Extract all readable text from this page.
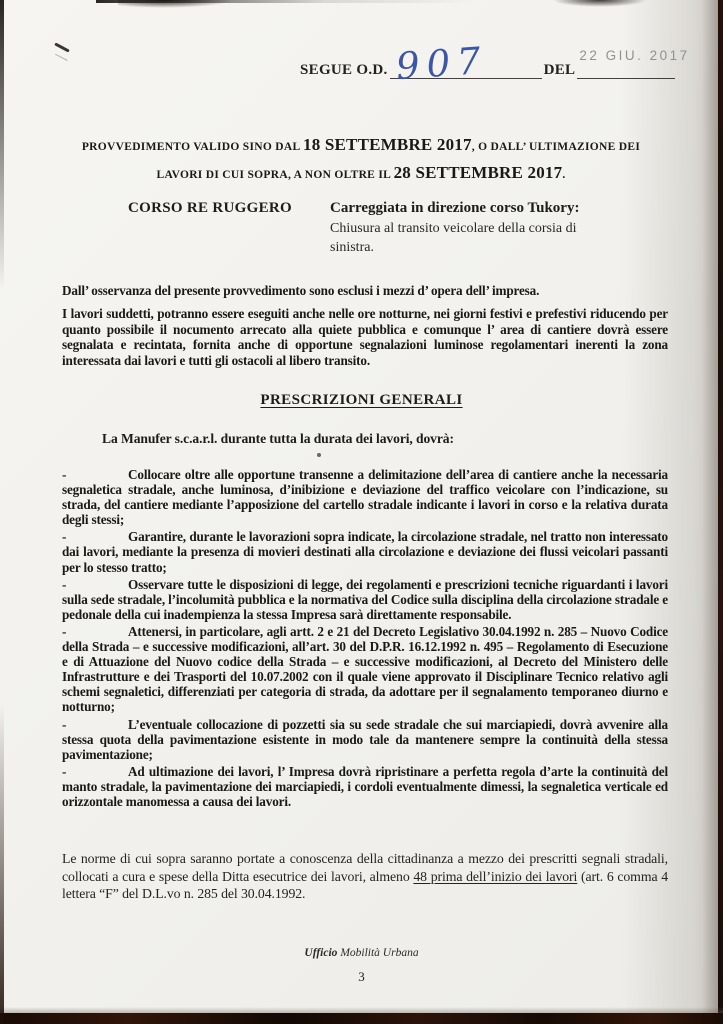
SEGUE O.D. 907	DEL
22 GIU. 2017
PROVVEDIMENTO VALIDO SINO DAL 18 SETTEMBRE 2017, O DALL’ ULTIMAZIONE DEI LAVORI DI CUI SOPRA, A NON OLTRE IL 28 SETTEMBRE 2017.
CORSO RE RUGGERO	Carreggiata in direzione corso Tukory:
Chiusura al transito veicolare della corsia di sinistra.
Dall’ osservanza del presente provvedimento sono esclusi i mezzi d’ opera dell’ impresa.
I lavori suddetti, potranno essere eseguiti anche nelle ore notturne, nei giorni festivi e prefestivi riducendo per quanto possibile il nocumento arrecato alla quiete pubblica e comunque l’ area di cantiere dovrà essere segnalata e recintata, fornita anche di opportune segnalazioni luminose regolamentari inerenti la zona interessata dai lavori e tutti gli ostacoli al libero transito.
PRESCRIZIONI GENERALI
La Manufer s.c.a.r.l. durante tutta la durata dei lavori, dovrà:
-	Collocare oltre alle opportune transenne a delimitazione dell’area di cantiere anche la necessaria segnaletica stradale, anche luminosa, d’inibizione e deviazione del traffico veicolare con l’indicazione, su strada, del cantiere mediante l’apposizione del cartello stradale indicante i lavori in corso e la relativa durata degli stessi;
-	Garantire, durante le lavorazioni sopra indicate, la circolazione stradale, nel tratto non interessato dai lavori, mediante la presenza di movieri destinati alla circolazione e deviazione dei flussi veicolari passanti per lo stesso tratto;
-	Osservare tutte le disposizioni di legge, dei regolamenti e prescrizioni tecniche riguardanti i lavori sulla sede stradale, l’incolumità pubblica e la normativa del Codice sulla disciplina della circolazione stradale e pedonale della cui inadempienza la stessa Impresa sarà direttamente responsabile.
-	Attenersi, in particolare, agli artt. 2 e 21 del Decreto Legislativo 30.04.1992 n. 285 – Nuovo Codice della Strada – e successive modificazioni, all’art. 30 del D.P.R. 16.12.1992 n. 495 – Regolamento di Esecuzione e di Attuazione del Nuovo codice della Strada – e successive modificazioni, al Decreto del Ministero delle Infrastrutture e dei Trasporti del 10.07.2002 con il quale viene approvato il Disciplinare Tecnico relativo agli schemi segnaletici, differenziati per categoria di strada, da adottare per il segnalamento temporaneo diurno e notturno;
-	L’eventuale collocazione di pozzetti sia su sede stradale che sui marciapiedi, dovrà avvenire alla stessa quota della pavimentazione esistente in modo tale da mantenere sempre la continuità della stessa pavimentazione;
-	Ad ultimazione dei lavori, l’ Impresa dovrà ripristinare a perfetta regola d’arte la continuità del manto stradale, la pavimentazione dei marciapiedi, i cordoli eventualmente dimessi, la segnaletica verticale ed orizzontale manomessa a causa dei lavori.
Le norme di cui sopra saranno portate a conoscenza della cittadinanza a mezzo dei prescritti segnali stradali, collocati a cura e spese della Ditta esecutrice dei lavori, almeno 48 prima dell’inizio dei lavori (art. 6 comma 4 lettera “F” del D.L.vo n. 285 del 30.04.1992.
Ufficio Mobilità Urbana
3
